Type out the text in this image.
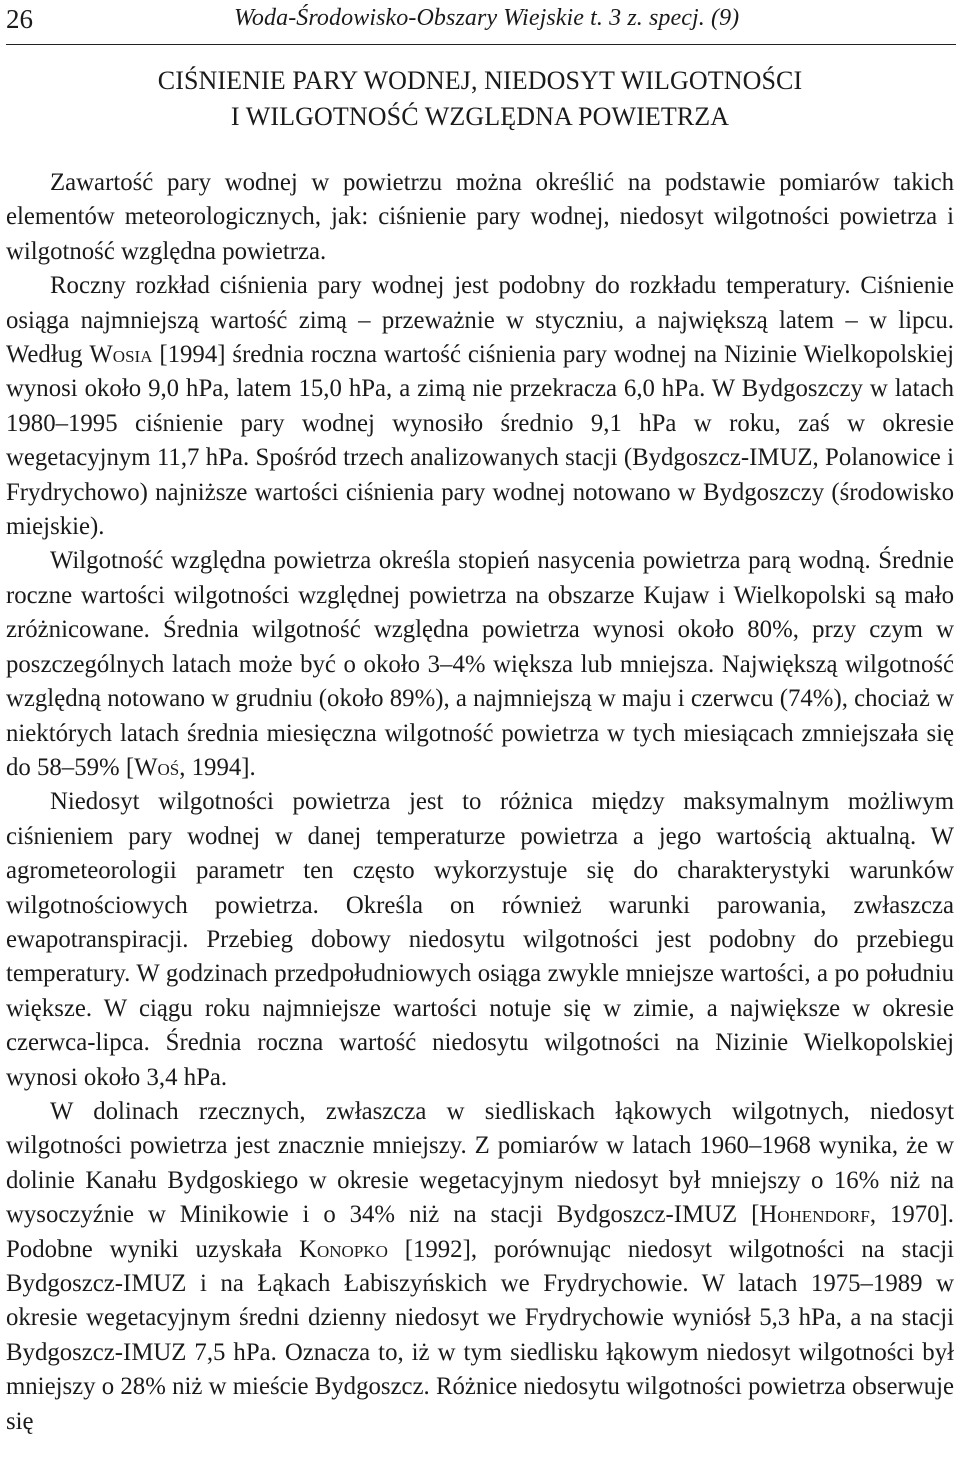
26	Woda-Środowisko-Obszary Wiejskie t. 3 z. specj. (9)
CIŚNIENIE PARY WODNEJ, NIEDOSYT WILGOTNOŚCI
I WILGOTNOŚĆ WZGLĘDNA POWIETRZA

Zawartość pary wodnej w powietrzu można określić na podstawie pomiarów takich elementów meteorologicznych, jak: ciśnienie pary wodnej, niedosyt wilgotności powietrza i wilgotność względna powietrza.

Roczny rozkład ciśnienia pary wodnej jest podobny do rozkładu temperatury. Ciśnienie osiąga najmniejszą wartość zimą – przeważnie w styczniu, a największą latem – w lipcu. Według Wosia [1994] średnia roczna wartość ciśnienia pary wodnej na Nizinie Wielkopolskiej wynosi około 9,0 hPa, latem 15,0 hPa, a zimą nie przekracza 6,0 hPa. W Bydgoszczy w latach 1980–1995 ciśnienie pary wodnej wynosiło średnio 9,1 hPa w roku, zaś w okresie wegetacyjnym 11,7 hPa. Spośród trzech analizowanych stacji (Bydgoszcz-IMUZ, Polanowice i Frydrychowo) najniższe wartości ciśnienia pary wodnej notowano w Bydgoszczy (środowisko miejskie).

Wilgotność względna powietrza określa stopień nasycenia powietrza parą wodną. Średnie roczne wartości wilgotności względnej powietrza na obszarze Kujaw i Wielkopolski są mało zróżnicowane. Średnia wilgotność względna powietrza wynosi około 80%, przy czym w poszczególnych latach może być o około 3–4% większa lub mniejsza. Największą wilgotność względną notowano w grudniu (około 89%), a najmniejszą w maju i czerwcu (74%), chociaż w niektórych latach średnia miesięczna wilgotność powietrza w tych miesiącach zmniejszała się do 58–59% [Woś, 1994].

Niedosyt wilgotności powietrza jest to różnica między maksymalnym możliwym ciśnieniem pary wodnej w danej temperaturze powietrza a jego wartością aktualną. W agrometeorologii parametr ten często wykorzystuje się do charakterystyki warunków wilgotnościowych powietrza. Określa on również warunki parowania, zwłaszcza ewapotranspiracji. Przebieg dobowy niedosytu wilgotności jest podobny do przebiegu temperatury. W godzinach przedpołudniowych osiąga zwykle mniejsze wartości, a po południu większe. W ciągu roku najmniejsze wartości notuje się w zimie, a największe w okresie czerwca-lipca. Średnia roczna wartość niedosytu wilgotności na Nizinie Wielkopolskiej wynosi około 3,4 hPa.

W dolinach rzecznych, zwłaszcza w siedliskach łąkowych wilgotnych, niedosyt wilgotności powietrza jest znacznie mniejszy. Z pomiarów w latach 1960–1968 wynika, że w dolinie Kanału Bydgoskiego w okresie wegetacyjnym niedosyt był mniejszy o 16% niż na wysoczyźnie w Minikowie i o 34% niż na stacji Bydgoszcz-IMUZ [Hohendorf, 1970]. Podobne wyniki uzyskała Konopko [1992], porównując niedosyt wilgotności na stacji Bydgoszcz-IMUZ i na Łąkach Łabiszyńskich we Frydrychowie. W latach 1975–1989 w okresie wegetacyjnym średni dzienny niedosyt we Frydrychowie wyniósł 5,3 hPa, a na stacji Bydgoszcz-IMUZ 7,5 hPa. Oznacza to, iż w tym siedlisku łąkowym niedosyt wilgotności był mniejszy o 28% niż w mieście Bydgoszcz. Różnice niedosytu wilgotności powietrza obserwuje się
